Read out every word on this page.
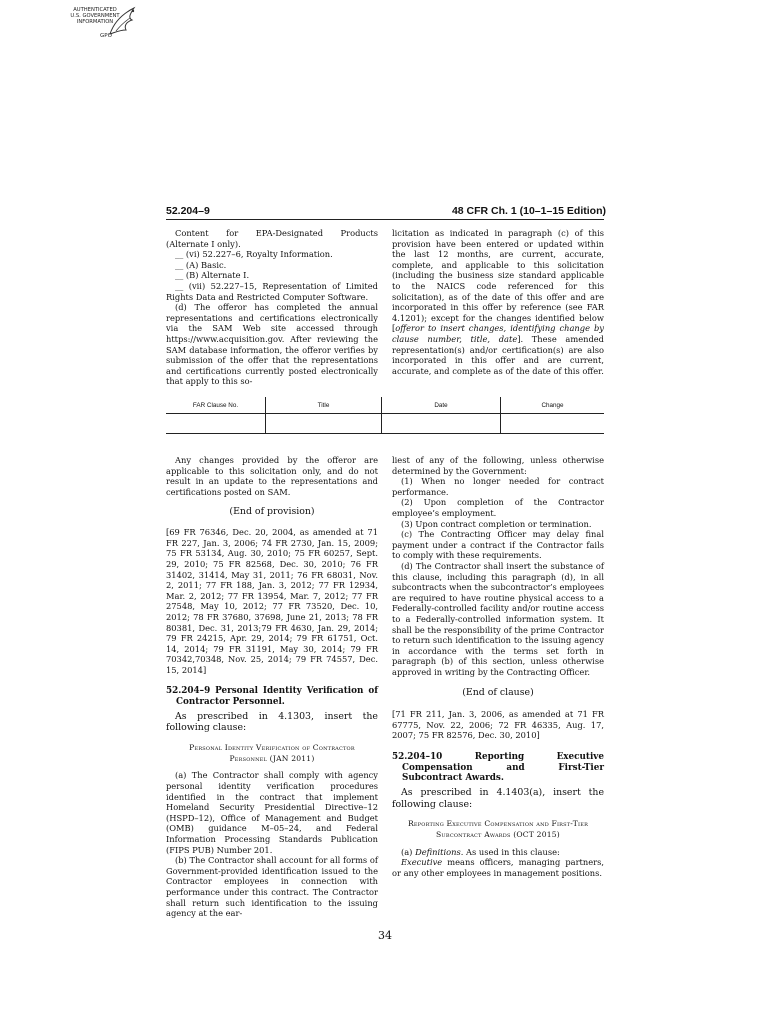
AUTHENTICATED
U.S. GOVERNMENT
INFORMATION
GPO
52.204–9	48 CFR Ch. 1 (10–1–15 Edition)

Content for EPA-Designated Products (Alternate I only).

__ (vi) 52.227–6, Royalty Information.

__ (A) Basic.

__ (B) Alternate I.

__ (vii) 52.227–15, Representation of Limited Rights Data and Restricted Computer Software.

(d) The offeror has completed the annual representations and certifications electronically via the SAM Web site accessed through https://www.acquisition.gov. After reviewing the SAM database information, the offeror verifies by submission of the offer that the representations and certifications currently posted electronically that apply to this so-

licitation as indicated in paragraph (c) of this provision have been entered or updated within the last 12 months, are current, accurate, complete, and applicable to this solicitation (including the business size standard applicable to the NAICS code referenced for this solicitation), as of the date of this offer and are incorporated in this offer by reference (see FAR 4.1201); except for the changes identified below [offeror to insert changes, identifying change by clause number, title, date]. These amended representation(s) and/or certification(s) are also incorporated in this offer and are current, accurate, and complete as of the date of this offer.

FAR Clause No.	Title	Date	Change

Any changes provided by the offeror are applicable to this solicitation only, and do not result in an update to the representations and certifications posted on SAM.

(End of provision)

[69 FR 76346, Dec. 20, 2004, as amended at 71 FR 227, Jan. 3, 2006; 74 FR 2730, Jan. 15, 2009; 75 FR 53134, Aug. 30, 2010; 75 FR 60257, Sept. 29, 2010; 75 FR 82568, Dec. 30, 2010; 76 FR 31402, 31414, May 31, 2011; 76 FR 68031, Nov. 2, 2011; 77 FR 188, Jan. 3, 2012; 77 FR 12934, Mar. 2, 2012; 77 FR 13954, Mar. 7, 2012; 77 FR 27548, May 10, 2012; 77 FR 73520, Dec. 10, 2012; 78 FR 37680, 37698, June 21, 2013; 78 FR 80381, Dec. 31, 2013;79 FR 4630, Jan. 29, 2014; 79 FR 24215, Apr. 29, 2014; 79 FR 61751, Oct. 14, 2014; 79 FR 31191, May 30, 2014; 79 FR 70342,70348, Nov. 25, 2014; 79 FR 74557, Dec. 15, 2014]

52.204–9 Personal Identity Verification of Contractor Personnel.

As prescribed in 4.1303, insert the following clause:

Personal Identity Verification of Contractor Personnel (JAN 2011)

(a) The Contractor shall comply with agency personal identity verification procedures identified in the contract that implement Homeland Security Presidential Directive–12 (HSPD–12), Office of Management and Budget (OMB) guidance M–05–24, and Federal Information Processing Standards Publication (FIPS PUB) Number 201.

(b) The Contractor shall account for all forms of Government-provided identification issued to the Contractor employees in connection with performance under this contract. The Contractor shall return such identification to the issuing agency at the ear-

liest of any of the following, unless otherwise determined by the Government:

(1) When no longer needed for contract performance.

(2) Upon completion of the Contractor employee’s employment.

(3) Upon contract completion or termination.

(c) The Contracting Officer may delay final payment under a contract if the Contractor fails to comply with these requirements.

(d) The Contractor shall insert the substance of this clause, including this paragraph (d), in all subcontracts when the subcontractor’s employees are required to have routine physical access to a Federally-controlled facility and/or routine access to a Federally-controlled information system. It shall be the responsibility of the prime Contractor to return such identification to the issuing agency in accordance with the terms set forth in paragraph (b) of this section, unless otherwise approved in writing by the Contracting Officer.

(End of clause)

[71 FR 211, Jan. 3, 2006, as amended at 71 FR 67775, Nov. 22, 2006; 72 FR 46335, Aug. 17, 2007; 75 FR 82576, Dec. 30, 2010]

52.204–10 Reporting Executive Compensation and First-Tier Subcontract Awards.

As prescribed in 4.1403(a), insert the following clause:

Reporting Executive Compensation and First-Tier Subcontract Awards (OCT 2015)

(a) Definitions. As used in this clause:

Executive means officers, managing partners, or any other employees in management positions.

34
